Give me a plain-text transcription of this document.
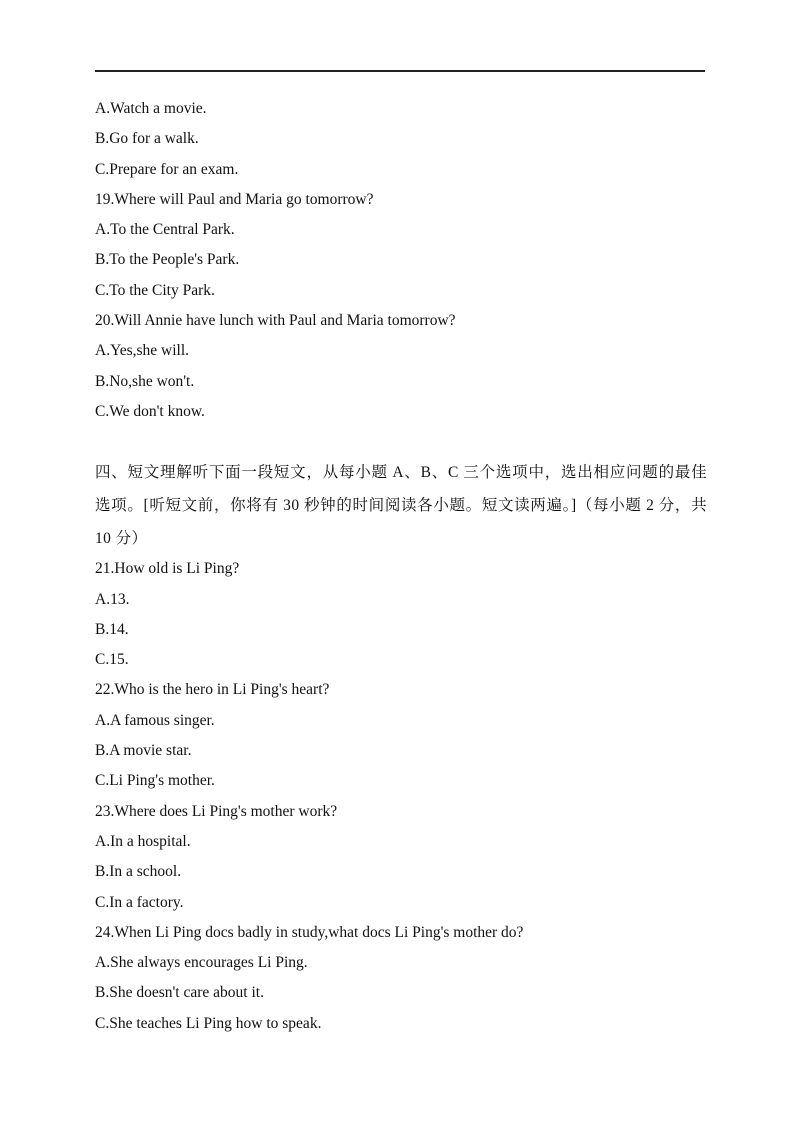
A.Watch a movie.
B.Go for a walk.
C.Prepare for an exam.
19.Where will Paul and Maria go tomorrow?
A.To the Central Park.
B.To the People's Park.
C.To the City Park.
20.Will Annie have lunch with Paul and Maria tomorrow?
A.Yes,she will.
B.No,she won't.
C.We don't know.
四、短文理解听下面一段短文，从每小题 A、B、C 三个选项中，选出相应问题的最佳选项。[听短文前，你将有 30 秒钟的时间阅读各小题。短文读两遍。]（每小题 2 分，共 10 分）
21.How old is Li Ping?
A.13.
B.14.
C.15.
22.Who is the hero in Li Ping's heart?
A.A famous singer.
B.A movie star.
C.Li Ping's mother.
23.Where does Li Ping's mother work?
A.In a hospital.
B.In a school.
C.In a factory.
24.When Li Ping docs badly in study,what docs Li Ping's mother do?
A.She always encourages Li Ping.
B.She doesn't care about it.
C.She teaches Li Ping how to speak.
